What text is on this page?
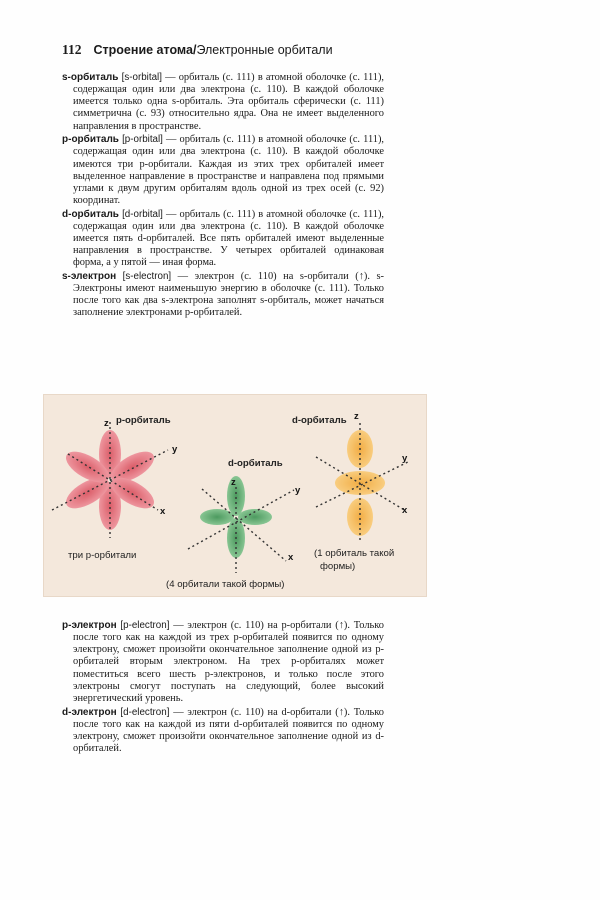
112 Строение атома/Электронные орбитали

s-орбиталь [s-orbital] — орбиталь (с. 111) в атомной оболочке (с. 111), содержащая один или два электрона (с. 110). В каждой оболочке имеется только одна s-орбиталь. Эта орбиталь сферически (с. 111) симметрична (с. 93) относительно ядра. Она не имеет выделенного направления в пространстве.

р-орбиталь [p-orbital] — орбиталь (с. 111) в атомной оболочке (с. 111), содержащая один или два электрона (с. 110). В каждой оболочке имеются три p-орбитали. Каждая из этих трех орбиталей имеет выделенное направление в пространстве и направлена под прямыми углами к двум другим орбиталям вдоль одной из трех осей (с. 92) координат.

d-орбиталь [d-orbital] — орбиталь (с. 111) в атомной оболочке (с. 111), содержащая один или два электрона (с. 110). В каждой оболочке имеется пять d-орбиталей. Все пять орбиталей имеют выделенные направления в пространстве. У четырех орбиталей одинаковая форма, а у пятой — иная форма.

s-электрон [s-electron] — электрон (с. 110) на s-орбитали (↑). s-Электроны имеют наименьшую энергию в оболочке (с. 111). Только после того как два s-электрона заполнят s-орбиталь, может начаться заполнение электронами p-орбиталей.

z
y
x
z
y
x
z
y
x
р-орбиталь
d-орбиталь
d-орбиталь
три р-орбитали	(1 орбиталь такой
формы)
(4 орбитали такой формы)

р-электрон [p-electron] — электрон (с. 110) на p-орбитали (↑). Только после того как на каждой из трех p-орбиталей появится по одному электрону, сможет произойти окончательное заполнение одной из p-орбиталей вторым электроном. На трех p-орбиталях может поместиться всего шесть p-электронов, и только после этого электроны смогут поступать на следующий, более высокий энергетический уровень.

d-электрон [d-electron] — электрон (с. 110) на d-орбитали (↑). Только после того как на каждой из пяти d-орбиталей появится по одному электрону, сможет произойти окончательное заполнение одной из d-орбиталей.
